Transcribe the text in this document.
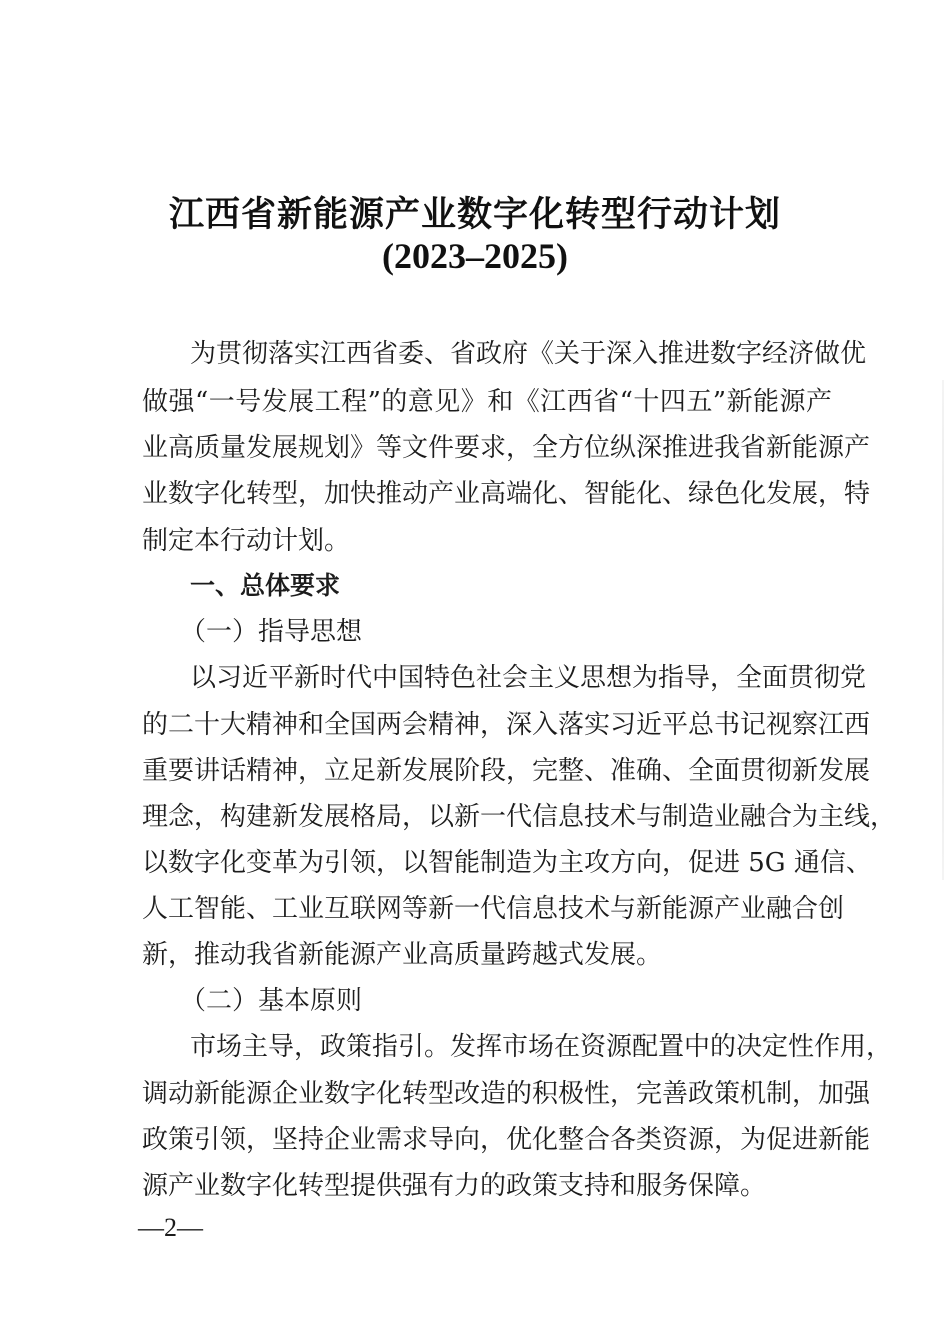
江西省新能源产业数字化转型行动计划
(2023–2025)
为贯彻落实江西省委、省政府《关于深入推进数字经济做优
做强“一号发展工程”的意见》和《江西省“十四五”新能源产
业高质量发展规划》等文件要求，全方位纵深推进我省新能源产
业数字化转型，加快推动产业高端化、智能化、绿色化发展，特
制定本行动计划。
一、总体要求
（一）指导思想
以习近平新时代中国特色社会主义思想为指导，全面贯彻党
的二十大精神和全国两会精神，深入落实习近平总书记视察江西
重要讲话精神，立足新发展阶段，完整、准确、全面贯彻新发展
理念，构建新发展格局，以新一代信息技术与制造业融合为主线，
以数字化变革为引领，以智能制造为主攻方向，促进 5G 通信、
人工智能、工业互联网等新一代信息技术与新能源产业融合创
新，推动我省新能源产业高质量跨越式发展。
（二）基本原则
市场主导，政策指引。发挥市场在资源配置中的决定性作用，
调动新能源企业数字化转型改造的积极性，完善政策机制，加强
政策引领，坚持企业需求导向，优化整合各类资源，为促进新能
源产业数字化转型提供强有力的政策支持和服务保障。
—2—
